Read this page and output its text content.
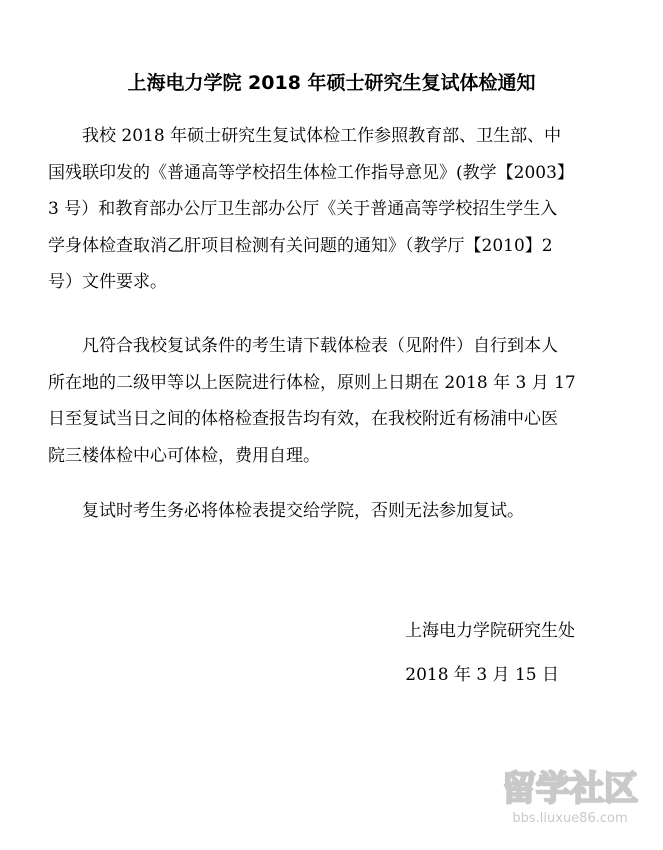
上海电力学院 2018 年硕士研究生复试体检通知
我校 2018 年硕士研究生复试体检工作参照教育部、卫生部、中
国残联印发的《普通高等学校招生体检工作指导意见》(教学【2003】
3 号）和教育部办公厅卫生部办公厅《关于普通高等学校招生学生入
学身体检查取消乙肝项目检测有关问题的通知》（教学厅【2010】2
号）文件要求。
凡符合我校复试条件的考生请下载体检表（见附件）自行到本人
所在地的二级甲等以上医院进行体检，原则上日期在 2018 年 3 月 17
日至复试当日之间的体格检查报告均有效，在我校附近有杨浦中心医
院三楼体检中心可体检，费用自理。
复试时考生务必将体检表提交给学院，否则无法参加复试。
上海电力学院研究生处
2018 年 3 月 15 日
留学社区
bbs.liuxue86.com
